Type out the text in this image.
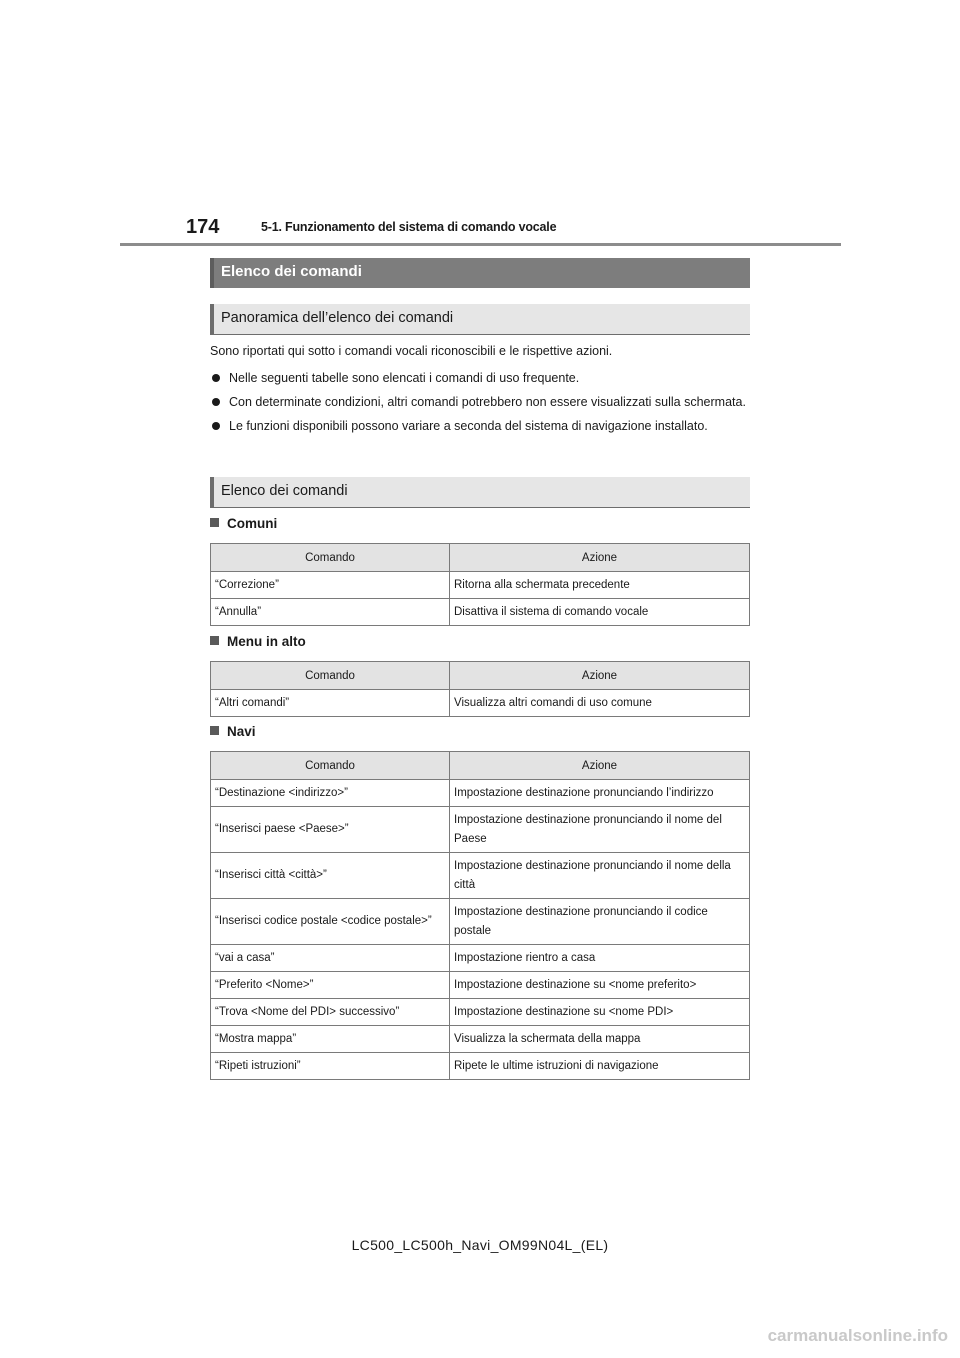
174	5-1. Funzionamento del sistema di comando vocale
Elenco dei comandi
Panoramica dell’elenco dei comandi
Sono riportati qui sotto i comandi vocali riconoscibili e le rispettive azioni.
Nelle seguenti tabelle sono elencati i comandi di uso frequente.
Con determinate condizioni, altri comandi potrebbero non essere visualizzati sulla schermata.
Le funzioni disponibili possono variare a seconda del sistema di navigazione installato.
Elenco dei comandi
Comuni
Comando	Azione
“Correzione”	Ritorna alla schermata precedente
“Annulla”	Disattiva il sistema di comando vocale
Menu in alto
Comando	Azione
“Altri comandi”	Visualizza altri comandi di uso comune
Navi
Comando	Azione
“Destinazione <indirizzo>”	Impostazione destinazione pronunciando l’indirizzo
“Inserisci paese <Paese>”	Impostazione destinazione pronunciando il nome del Paese
“Inserisci città <città>”	Impostazione destinazione pronunciando il nome della città
“Inserisci codice postale <codice postale>”	Impostazione destinazione pronunciando il codice postale
“vai a casa”	Impostazione rientro a casa
“Preferito <Nome>”	Impostazione destinazione su <nome preferito>
“Trova <Nome del PDI> successivo”	Impostazione destinazione su <nome PDI>
“Mostra mappa”	Visualizza la schermata della mappa
“Ripeti istruzioni”	Ripete le ultime istruzioni di navigazione
LC500_LC500h_Navi_OM99N04L_(EL)
carmanualsonline.info
